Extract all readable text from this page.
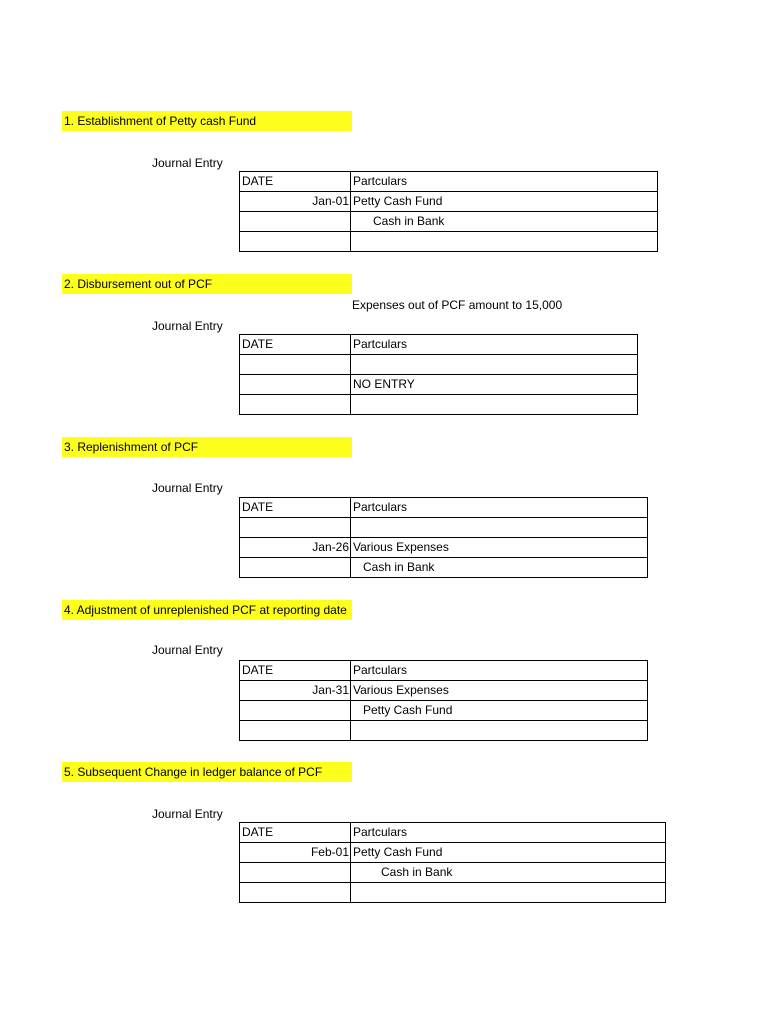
1. Establishment of Petty cash Fund
Journal Entry
DATE	Partculars
Jan-01	Petty Cash Fund
	Cash in Bank

2. Disbursement out of PCF
Expenses out of PCF amount to 15,000
Journal Entry
DATE	Partculars

	NO ENTRY

3. Replenishment of PCF
Journal Entry
DATE	Partculars

Jan-26	Various Expenses
	Cash in Bank
4. Adjustment of unreplenished PCF at reporting date
Journal Entry
DATE	Partculars
Jan-31	Various Expenses
	Petty Cash Fund

5. Subsequent Change in ledger balance of PCF
Journal Entry
DATE	Partculars
Feb-01	Petty Cash Fund
	Cash in Bank
